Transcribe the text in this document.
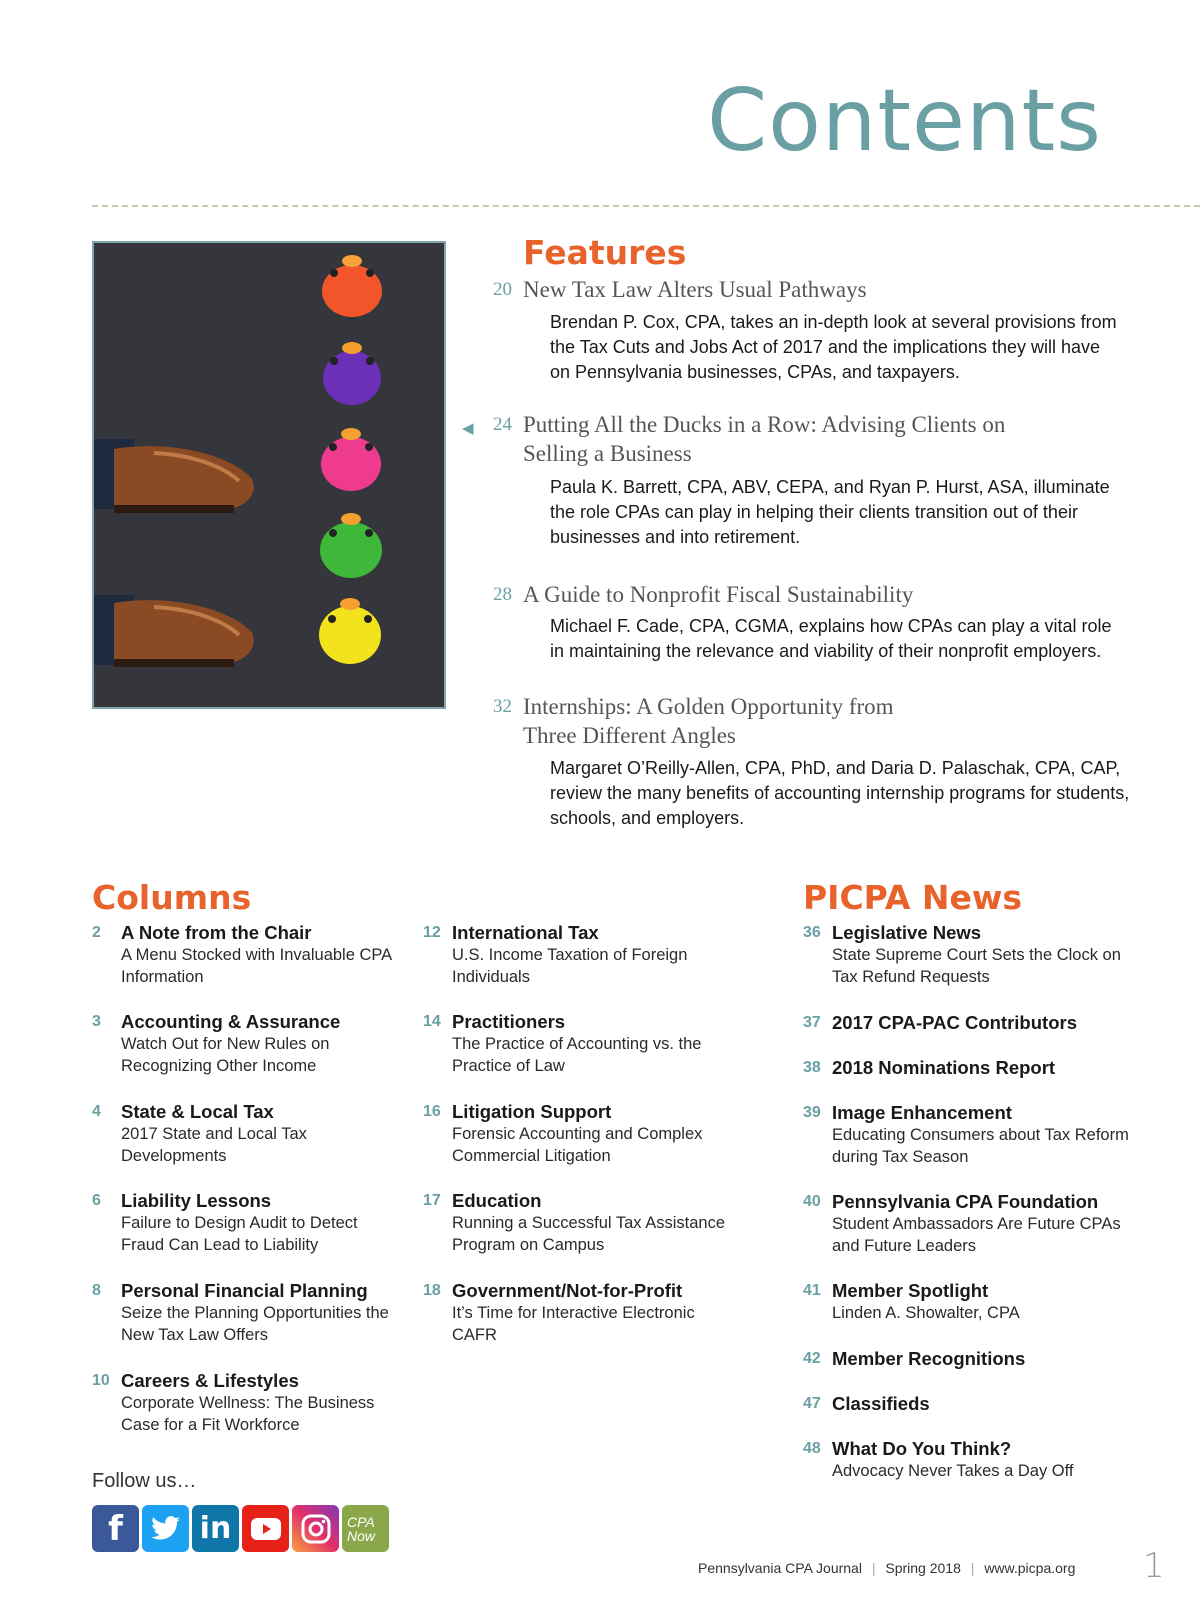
Contents
Features
20 New Tax Law Alters Usual Pathways
Brendan P. Cox, CPA, takes an in-depth look at several provisions from the Tax Cuts and Jobs Act of 2017 and the implications they will have on Pennsylvania businesses, CPAs, and taxpayers.
◀	24 Putting All the Ducks in a Row: Advising Clients on Selling a Business
Paula K. Barrett, CPA, ABV, CEPA, and Ryan P. Hurst, ASA, illuminate the role CPAs can play in helping their clients transition out of their businesses and into retirement.
28 A Guide to Nonprofit Fiscal Sustainability
Michael F. Cade, CPA, CGMA, explains how CPAs can play a vital role in maintaining the relevance and viability of their nonprofit employers.
32 Internships: A Golden Opportunity from Three Different Angles
Margaret O’Reilly-Allen, CPA, PhD, and Daria D. Palaschak, CPA, CAP, review the many benefits of accounting internship programs for students, schools, and employers.
Columns	PICPA News
2	A Note from the Chair
A Menu Stocked with Invaluable CPA Information
3	Accounting & Assurance
Watch Out for New Rules on Recognizing Other Income
4	State & Local Tax
2017 State and Local Tax Developments
6	Liability Lessons
Failure to Design Audit to Detect Fraud Can Lead to Liability
8	Personal Financial Planning
Seize the Planning Opportunities the New Tax Law Offers
10 Careers & Lifestyles
Corporate Wellness: The Business Case for a Fit Workforce
12 International Tax
U.S. Income Taxation of Foreign Individuals
14 Practitioners
The Practice of Accounting vs. the Practice of Law
16 Litigation Support
Forensic Accounting and Complex Commercial Litigation
17 Education
Running a Successful Tax Assistance Program on Campus
18 Government/Not-for-Profit
It’s Time for Interactive Electronic CAFR
36 Legislative News
State Supreme Court Sets the Clock on Tax Refund Requests
37 2017 CPA-PAC Contributors
38 2018 Nominations Report
39 Image Enhancement
Educating Consumers about Tax Reform during Tax Season
40 Pennsylvania CPA Foundation
Student Ambassadors Are Future CPAs and Future Leaders
41 Member Spotlight
Linden A. Showalter, CPA
42 Member Recognitions
47 Classifieds
48 What Do You Think?
Advocacy Never Takes a Day Off
Follow us…
f	in	CPA
Now
Pennsylvania CPA Journal | Spring 2018 | www.picpa.org 1
